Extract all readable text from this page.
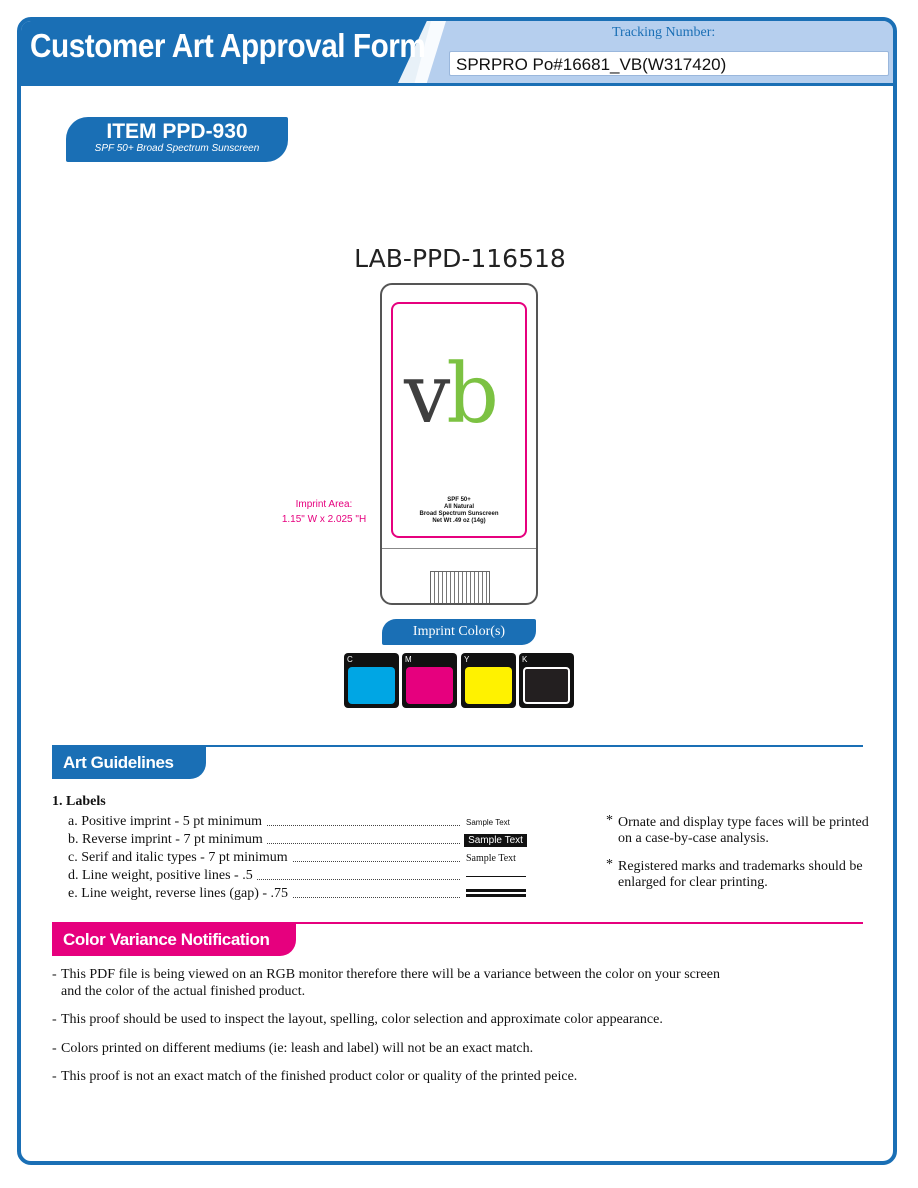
Customer Art Approval Form	Tracking Number:
SPRPRO Po#16681_VB(W317420)
ITEM PPD-930
SPF 50+ Broad Spectrum Sunscreen
LAB-PPD-116518
vb
SPF 50+
All Natural
Broad Spectrum Sunscreen
Net Wt .49 oz (14g)
Imprint Area:
1.15" W x 2.025 "H
Imprint Color(s)
C	M	Y	K
Art Guidelines
1. Labels
a. Positive imprint - 5 pt minimum
b. Reverse imprint - 7 pt minimum
c. Serif and italic types - 7 pt minimum
d. Line weight, positive lines - .5
e. Line weight, reverse lines (gap) - .75
Sample Text
Sample Text
Sample Text
* Ornate and display type faces will be printed on a case-by-case analysis.
* Registered marks and trademarks should be enlarged for clear printing.
Color Variance Notification
- This PDF file is being viewed on an RGB monitor therefore there will be a variance between the color on your screen and the color of the actual finished product.
- This proof should be used to inspect the layout, spelling, color selection and approximate color appearance.
- Colors printed on different mediums (ie: leash and label) will not be an exact match.
- This proof is not an exact match of the finished product color or quality of the printed peice.
